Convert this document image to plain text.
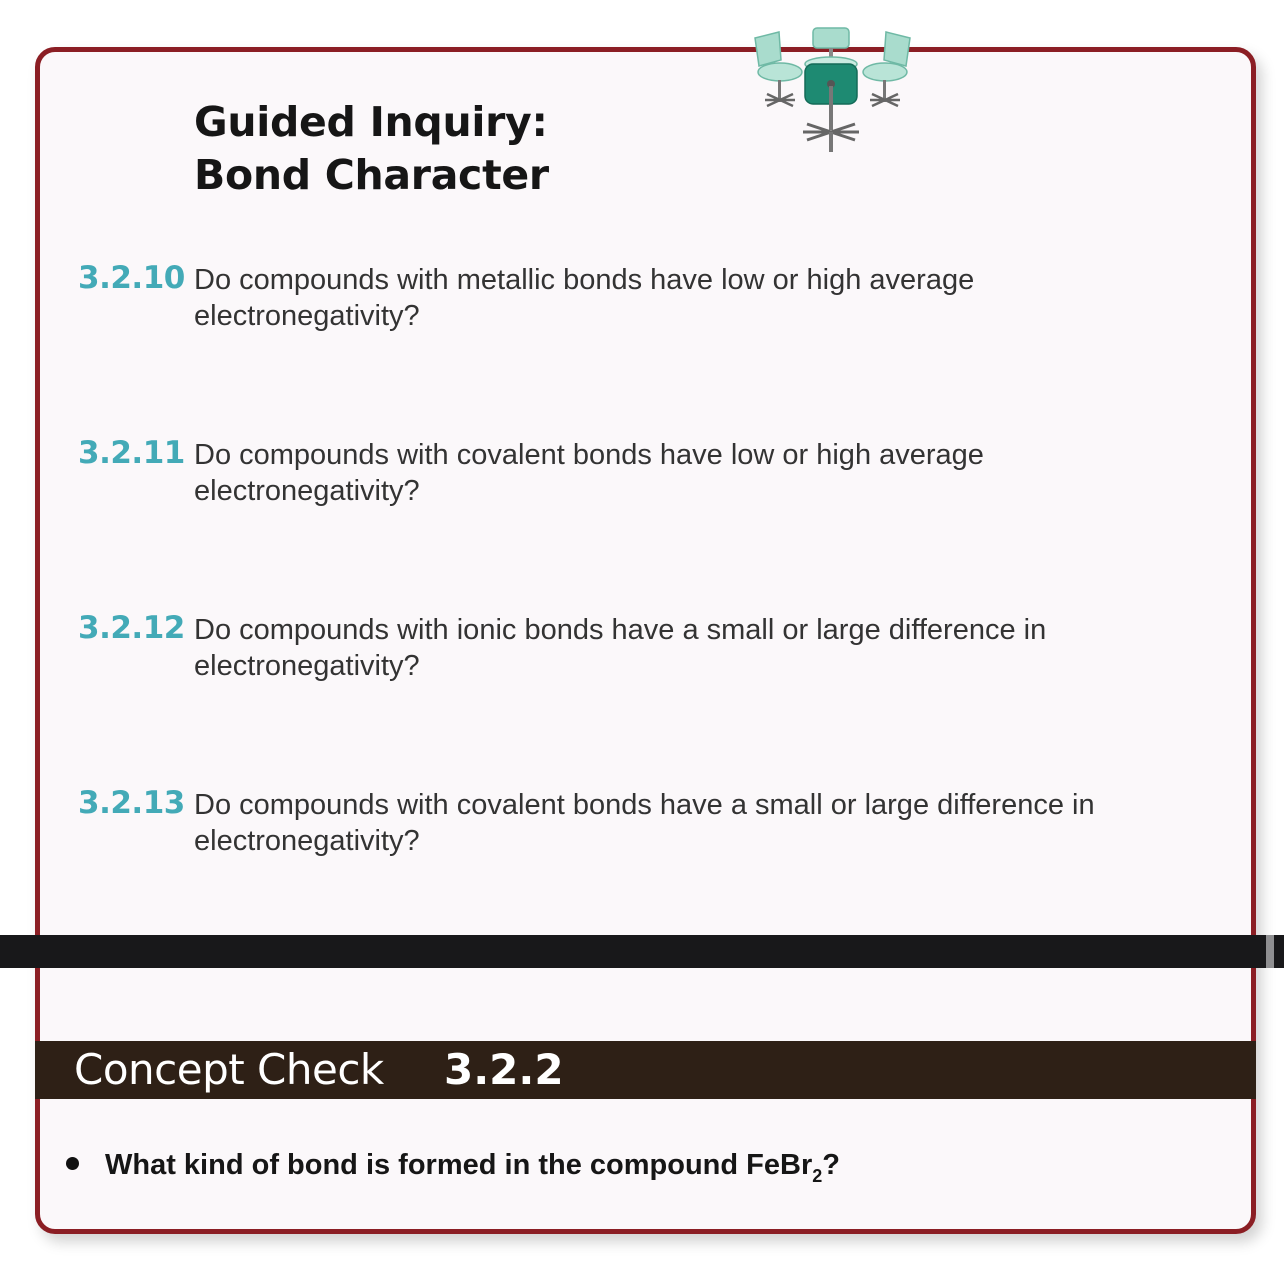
Guided Inquiry:
Bond Character
3.2.10 Do compounds with metallic bonds have low or high average
electronegativity?
3.2.11 Do compounds with covalent bonds have low or high average
electronegativity?
3.2.12 Do compounds with ionic bonds have a small or large difference in
electronegativity?
3.2.13 Do compounds with covalent bonds have a small or large difference in
electronegativity?
Concept Check 3.2.2
What kind of bond is formed in the compound FeBr$_2$?
